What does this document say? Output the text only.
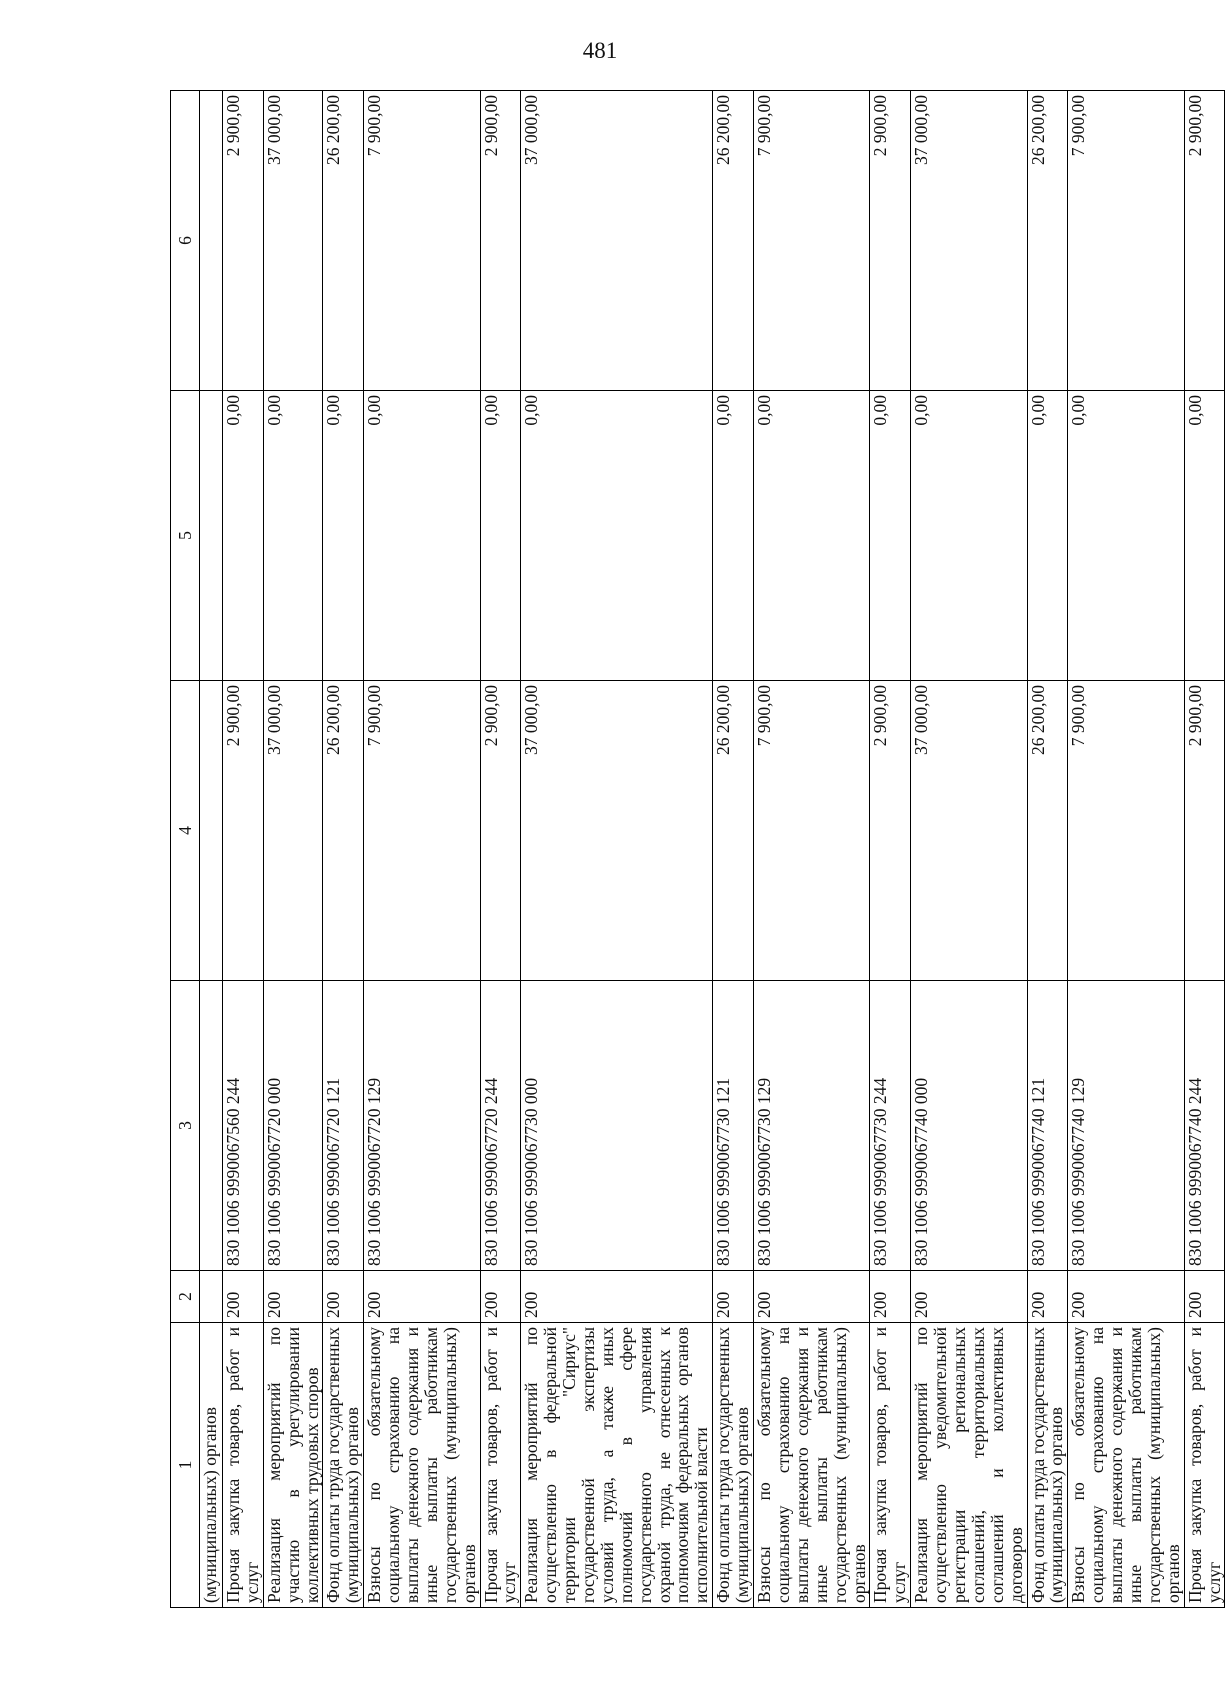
481
1	2	3	4	5	6
(муниципальных) органов					
Прочая закупка товаров, работ и услуг	200	830 1006 9990067560 244	2 900,00	0,00	2 900,00
Реализация мероприятий по участию в урегулировании коллективных трудовых споров	200	830 1006 9990067720 000	37 000,00	0,00	37 000,00
Фонд оплаты труда государственных (муниципальных) органов	200	830 1006 9990067720 121	26 200,00	0,00	26 200,00
Взносы по обязательному социальному страхованию на выплаты денежного содержания и иные выплаты работникам государственных (муниципальных) органов	200	830 1006 9990067720 129	7 900,00	0,00	7 900,00
Прочая закупка товаров, работ и услуг	200	830 1006 9990067720 244	2 900,00	0,00	2 900,00
Реализация мероприятий по осуществлению в федеральной территории "Сириус" государственной экспертизы условий труда, а также иных полномочий в сфере государственного управления охраной труда, не отнесенных к полномочиям федеральных органов исполнительной власти	200	830 1006 9990067730 000	37 000,00	0,00	37 000,00
Фонд оплаты труда государственных (муниципальных) органов	200	830 1006 9990067730 121	26 200,00	0,00	26 200,00
Взносы по обязательному социальному страхованию на выплаты денежного содержания и иные выплаты работникам государственных (муниципальных) органов	200	830 1006 9990067730 129	7 900,00	0,00	7 900,00
Прочая закупка товаров, работ и услуг	200	830 1006 9990067730 244	2 900,00	0,00	2 900,00
Реализация мероприятий по осуществлению уведомительной регистрации региональных соглашений, территориальных соглашений и коллективных договоров	200	830 1006 9990067740 000	37 000,00	0,00	37 000,00
Фонд оплаты труда государственных (муниципальных) органов	200	830 1006 9990067740 121	26 200,00	0,00	26 200,00
Взносы по обязательному социальному страхованию на выплаты денежного содержания и иные выплаты работникам государственных (муниципальных) органов	200	830 1006 9990067740 129	7 900,00	0,00	7 900,00
Прочая закупка товаров, работ и услуг	200	830 1006 9990067740 244	2 900,00	0,00	2 900,00
